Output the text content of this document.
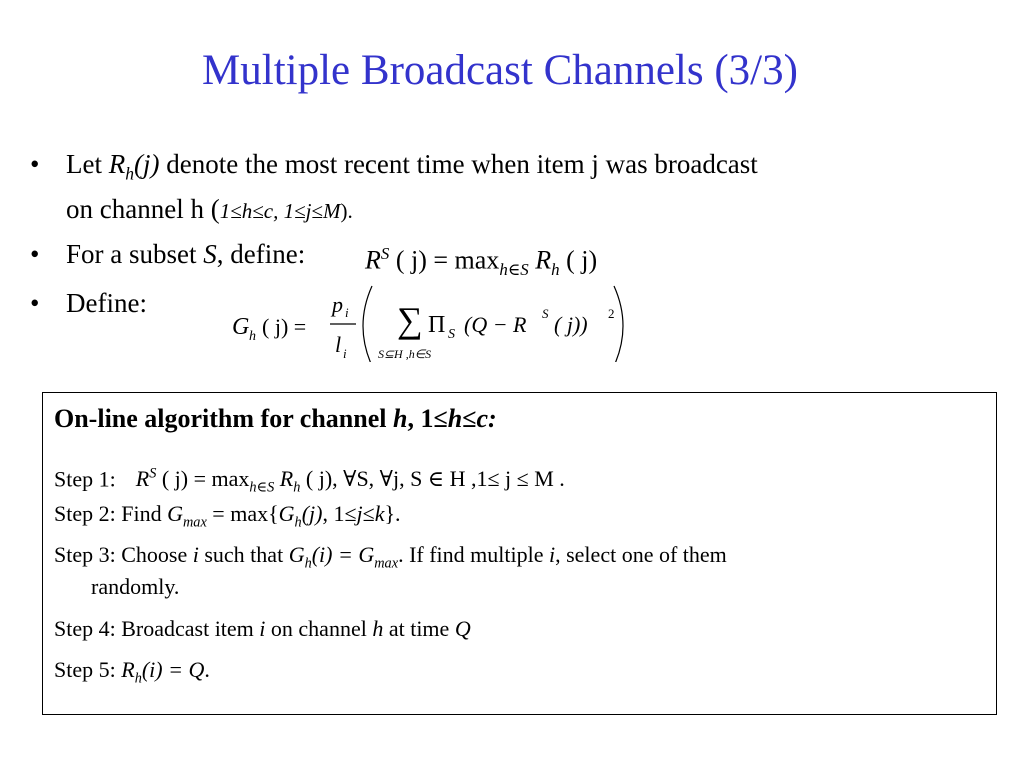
Multiple Broadcast Channels (3/3)
• Let $R_h(j)$ denote the most recent time when item j was broadcast
on channel h (1≤h≤c, 1≤j≤M).
• For a subset S, define: $R^S$ ( $j) = \max_{h\in S} R_h$ ( j)
• Define:
G h ( j) =
p i
l i
∑
S⊆H ,h∈S
Π S (Q − R S ( j)) 2
On-line algorithm for channel h, 1≤h≤c:
Step 1: $R^S$ ( $j) = \max_{h\in S} R_h$ ( j), ∀S, ∀j, S ∈ H ,1≤ j ≤ M .
Step 2: Find $G_{max} = \max\{G_h(j)$, 1≤j≤k}.
Step 3: Choose i such that $G_h(i) = G_{max}$. If find multiple i, select one of them
randomly.
Step 4: Broadcast item i on channel h at time Q
Step 5: $R_h(i) = Q$.
